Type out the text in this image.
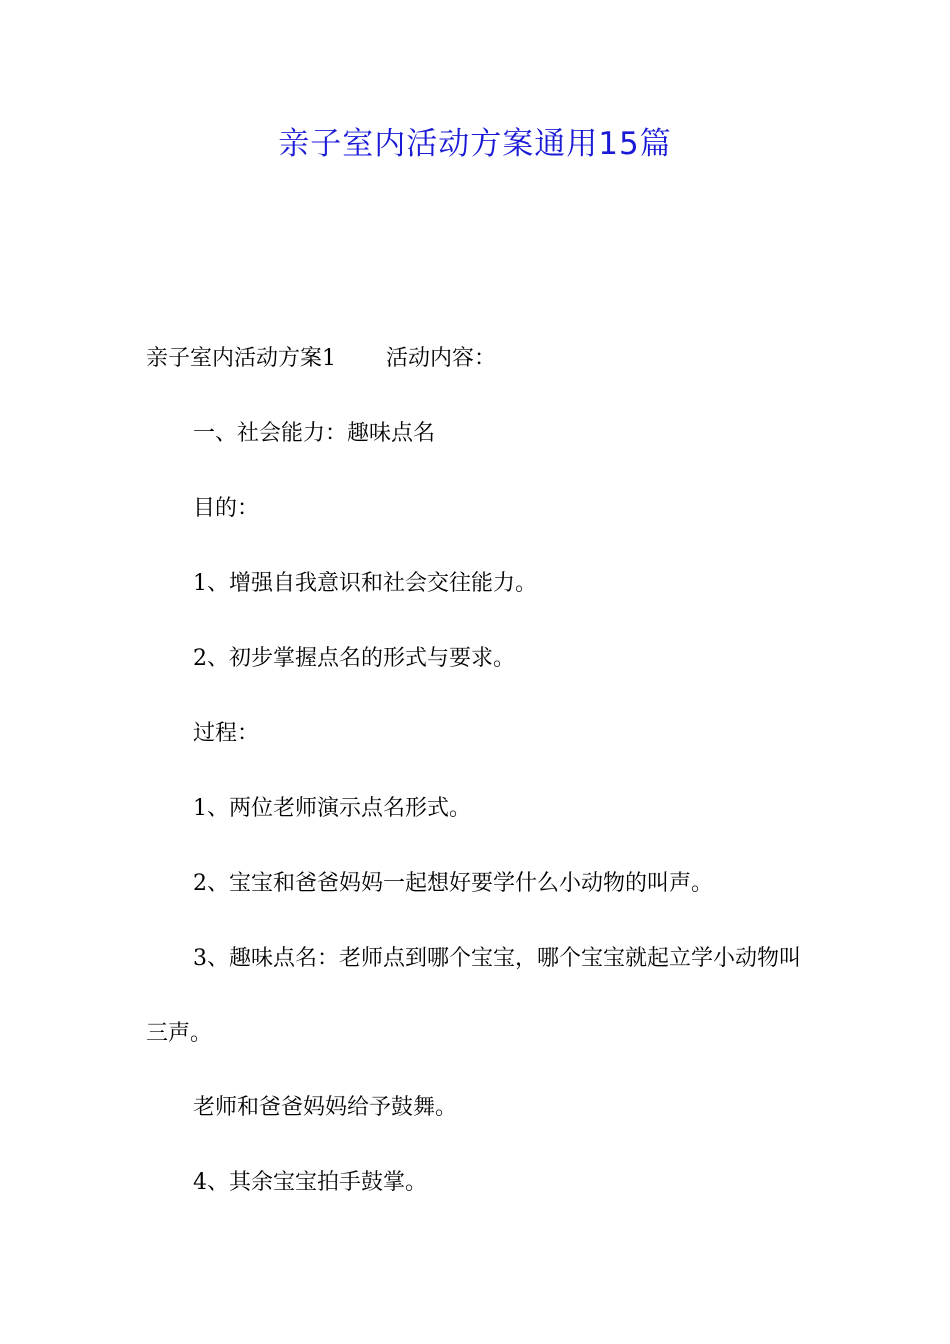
亲子室内活动方案通用15篇

亲子室内活动方案1 活动内容：

一、社会能力：趣味点名

目的：

1、增强自我意识和社会交往能力。

2、初步掌握点名的形式与要求。

过程：

1、两位老师演示点名形式。

2、宝宝和爸爸妈妈一起想好要学什么小动物的叫声。

3、趣味点名：老师点到哪个宝宝，哪个宝宝就起立学小动物叫三声。

老师和爸爸妈妈给予鼓舞。

4、其余宝宝拍手鼓掌。
